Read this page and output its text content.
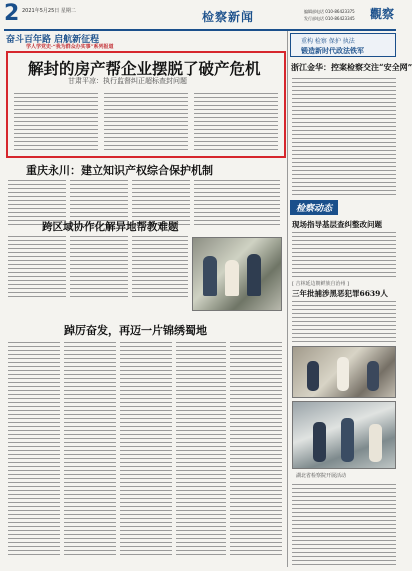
2 2021年5月25日 星期二	检察新闻	编辑部电话 010-86423375
发行部电话 010-86423345 觀察
奋斗百年路 启航新征程
学人学党史·“我为群众办实事”系列报道
解封的房产帮企业摆脱了破产危机
甘肃平凉：执行监督纠正超标查封问题
重庆永川：建立知识产权综合保护机制
跨区域协作化解异地帮教难题
踔厉奋发，再迈一片锦绣蜀地
重构 检察 保护 执法
锻造新时代政法铁军
浙江金华：控案检察交注“安全网”
检察动态
现场指导基层查纠整改问题
[ 吉林延边朝鲜族自治州 ]
三年批捕涉黑恶犯罪6639人
湖北省检察院开展活动
